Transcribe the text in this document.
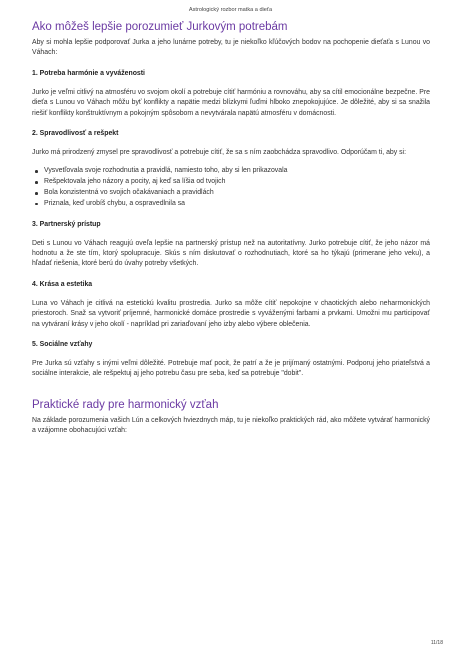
Astrologický rozbor matka a dieťa
Ako môžeš lepšie porozumieť Jurkovým potrebám

Aby si mohla lepšie podporovať Jurka a jeho lunárne potreby, tu je niekoľko kľúčových bodov na pochopenie dieťaťa s Lunou vo Váhach:

1. Potreba harmónie a vyváženosti

Jurko je veľmi citlivý na atmosféru vo svojom okolí a potrebuje cítiť harmóniu a rovnováhu, aby sa cítil emocionálne bezpečne. Pre dieťa s Lunou vo Váhach môžu byť konflikty a napätie medzi blízkymi ľuďmi hlboko znepokojujúce. Je dôležité, aby si sa snažila riešiť konflikty konštruktívnym a pokojným spôsobom a nevytvárala napätú atmosféru v domácnosti.

2. Spravodlivosť a rešpekt

Jurko má prirodzený zmysel pre spravodlivosť a potrebuje cítiť, že sa s ním zaobchádza spravodlivo. Odporúčam ti, aby si:

Vysvetľovala svoje rozhodnutia a pravidlá, namiesto toho, aby si len prikazovala
Rešpektovala jeho názory a pocity, aj keď sa líšia od tvojich
Bola konzistentná vo svojich očakávaniach a pravidlách
Priznala, keď urobíš chybu, a ospravedlnila sa
3. Partnerský prístup

Deti s Lunou vo Váhach reagujú oveľa lepšie na partnerský prístup než na autoritatívny. Jurko potrebuje cítiť, že jeho názor má hodnotu a že ste tím, ktorý spolupracuje. Skús s ním diskutovať o rozhodnutiach, ktoré sa ho týkajú (primerane jeho veku), a hľadať riešenia, ktoré berú do úvahy potreby všetkých.

4. Krása a estetika

Luna vo Váhach je citlivá na estetickú kvalitu prostredia. Jurko sa môže cítiť nepokojne v chaotických alebo neharmonických priestoroch. Snaž sa vytvoriť príjemné, harmonické domáce prostredie s vyváženými farbami a prvkami. Umožni mu participovať na vytváraní krásy v jeho okolí - napríklad pri zariaďovaní jeho izby alebo výbere oblečenia.

5. Sociálne vzťahy

Pre Jurka sú vzťahy s inými veľmi dôležité. Potrebuje mať pocit, že patrí a že je prijímaný ostatnými. Podporuj jeho priateľstvá a sociálne interakcie, ale rešpektuj aj jeho potrebu času pre seba, keď sa potrebuje "dobit".

Praktické rady pre harmonický vzťah

Na základe porozumenia vašich Lún a celkových hviezdnych máp, tu je niekoľko praktických rád, ako môžete vytvárať harmonický a vzájomne obohacujúci vzťah:

11/18
